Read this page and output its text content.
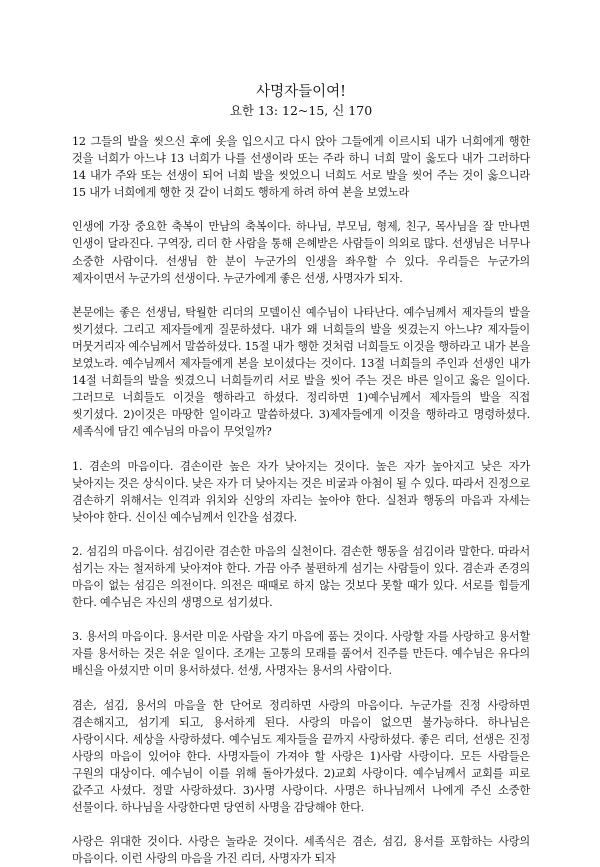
사명자들이여!
요한 13: 12~15, 신 170

12 그들의 발을 씻으신 후에 옷을 입으시고 다시 앉아 그들에게 이르시되 내가 너희에게 행한 것을 너희가 아느냐 13 너희가 나를 선생이라 또는 주라 하니 너희 말이 옳도다 내가 그러하다 14 내가 주와 또는 선생이 되어 너희 발을 씻었으니 너희도 서로 발을 씻어 주는 것이 옳으니라 15 내가 너희에게 행한 것 같이 너희도 행하게 하려 하여 본을 보였노라

인생에 가장 중요한 축복이 만남의 축복이다. 하나님, 부모님, 형제, 친구, 목사님을 잘 만나면 인생이 달라진다. 구역장, 리더 한 사람을 통해 은혜받은 사람들이 의외로 많다. 선생님은 너무나 소중한 사람이다. 선생님 한 분이 누군가의 인생을 좌우할 수 있다. 우리들은 누군가의 제자이면서 누군가의 선생이다. 누군가에게 좋은 선생, 사명자가 되자.

본문에는 좋은 선생님, 탁월한 리더의 모델이신 예수님이 나타난다. 예수님께서 제자들의 발을 씻기셨다. 그리고 제자들에게 질문하셨다. 내가 왜 너희들의 발을 씻겼는지 아느냐? 제자들이 머뭇거리자 예수님께서 말씀하셨다. 15절 내가 행한 것처럼 너희들도 이것을 행하라고 내가 본을 보였노라. 예수님께서 제자들에게 본을 보이셨다는 것이다. 13절 너희들의 주인과 선생인 내가 14절 너희들의 발을 씻겼으니 너희들끼리 서로 발을 씻어 주는 것은 바른 일이고 옳은 일이다. 그러므로 너희들도 이것을 행하라고 하셨다. 정리하면 1)예수님께서 제자들의 발을 직접 씻기셨다. 2)이것은 마땅한 일이라고 말씀하셨다. 3)제자들에게 이것을 행하라고 명령하셨다. 세족식에 담긴 예수님의 마음이 무엇일까?

1. 겸손의 마음이다. 겸손이란 높은 자가 낮아지는 것이다. 높은 자가 높아지고 낮은 자가 낮아지는 것은 상식이다. 낮은 자가 더 낮아지는 것은 비굴과 아첨이 될 수 있다. 따라서 진정으로 겸손하기 위해서는 인격과 위치와 신앙의 자리는 높아야 한다. 실천과 행동의 마음과 자세는 낮아야 한다. 신이신 예수님께서 인간을 섬겼다.

2. 섬김의 마음이다. 섬김이란 겸손한 마음의 실천이다. 겸손한 행동을 섬김이라 말한다. 따라서 섬기는 자는 철저하게 낮아져야 한다. 가끔 아주 불편하게 섬기는 사람들이 있다. 겸손과 존경의 마음이 없는 섬김은 의전이다. 의전은 때때로 하지 않는 것보다 못할 때가 있다. 서로를 힘들게 한다. 예수님은 자신의 생명으로 섬기셨다.

3. 용서의 마음이다. 용서란 미운 사람을 자기 마음에 품는 것이다. 사랑할 자를 사랑하고 용서할 자를 용서하는 것은 쉬운 일이다. 조개는 고통의 모래를 품어서 진주를 만든다. 예수님은 유다의 배신을 아셨지만 이미 용서하셨다. 선생, 사명자는 용서의 사람이다.

겸손, 섬김, 용서의 마음을 한 단어로 정리하면 사랑의 마음이다. 누군가를 진정 사랑하면 겸손해지고, 섬기게 되고, 용서하게 된다. 사랑의 마음이 없으면 불가능하다. 하나님은 사랑이시다. 세상을 사랑하셨다. 예수님도 제자들을 끝까지 사랑하셨다. 좋은 리더, 선생은 진정 사랑의 마음이 있어야 한다. 사명자들이 가져야 할 사랑은 1)사람 사랑이다. 모든 사람들은 구원의 대상이다. 예수님이 이를 위해 돌아가셨다. 2)교회 사랑이다. 예수님께서 교회를 피로 값주고 사셨다. 정말 사랑하셨다. 3)사명 사랑이다. 사명은 하나님께서 나에게 주신 소중한 선물이다. 하나님을 사랑한다면 당연히 사명을 감당해야 한다.

사랑은 위대한 것이다. 사랑은 놀라운 것이다. 세족식은 겸손, 섬김, 용서를 포함하는 사랑의 마음이다. 이런 사랑의 마음을 가진 리더, 사명자가 되자
